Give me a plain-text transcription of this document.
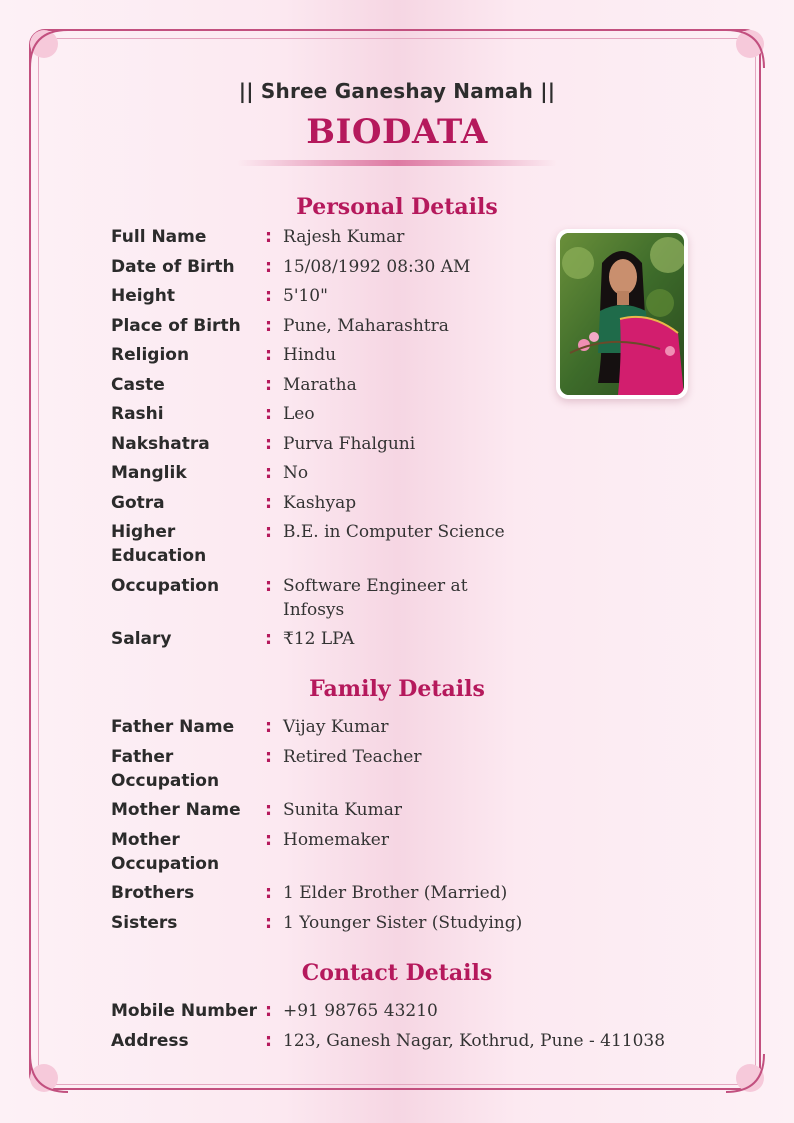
|| Shree Ganeshay Namah ||
BIODATA
Personal Details
Full Name	: Rajesh Kumar
Date of Birth	: 15/08/1992 08:30 AM
Height	: 5'10"
Place of Birth	: Pune, Maharashtra
Religion	: Hindu
Caste	: Maratha
Rashi	: Leo
Nakshatra	: Purva Fhalguni
Manglik	: No
Gotra	: Kashyap
Higher Education
: B.E. in Computer Science
Occupation	: Software Engineer at Infosys
Salary	: ₹12 LPA
Family Details
Father Name	: Vijay Kumar
Father Occupation
: Retired Teacher
Mother Name	: Sunita Kumar
Mother Occupation
: Homemaker
Brothers	: 1 Elder Brother (Married)
Sisters	: 1 Younger Sister (Studying)
Contact Details
Mobile Number : +91 98765 43210
Address	: 123, Ganesh Nagar, Kothrud, Pune - 411038
